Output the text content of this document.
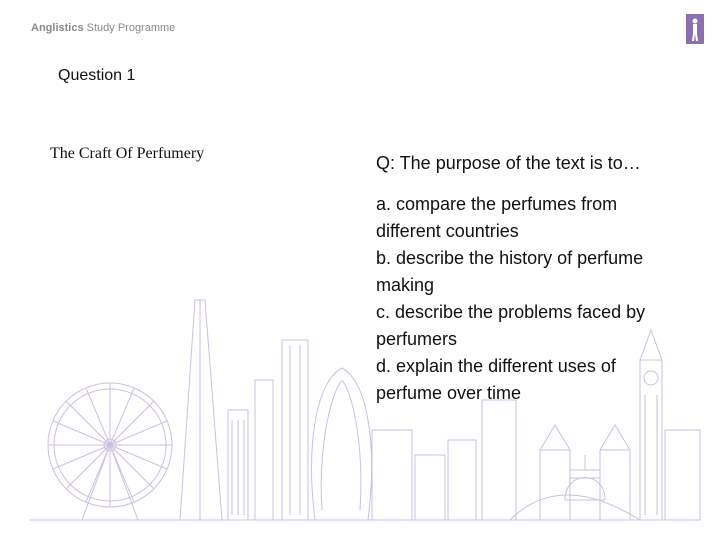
Anglistics Study Programme
Question 1
The Craft Of Perfumery	Q: The purpose of the text is to…

a. compare the perfumes from different countries
b. describe the history of perfume making
c. describe the problems faced by perfumers
d. explain the different uses of perfume over time
